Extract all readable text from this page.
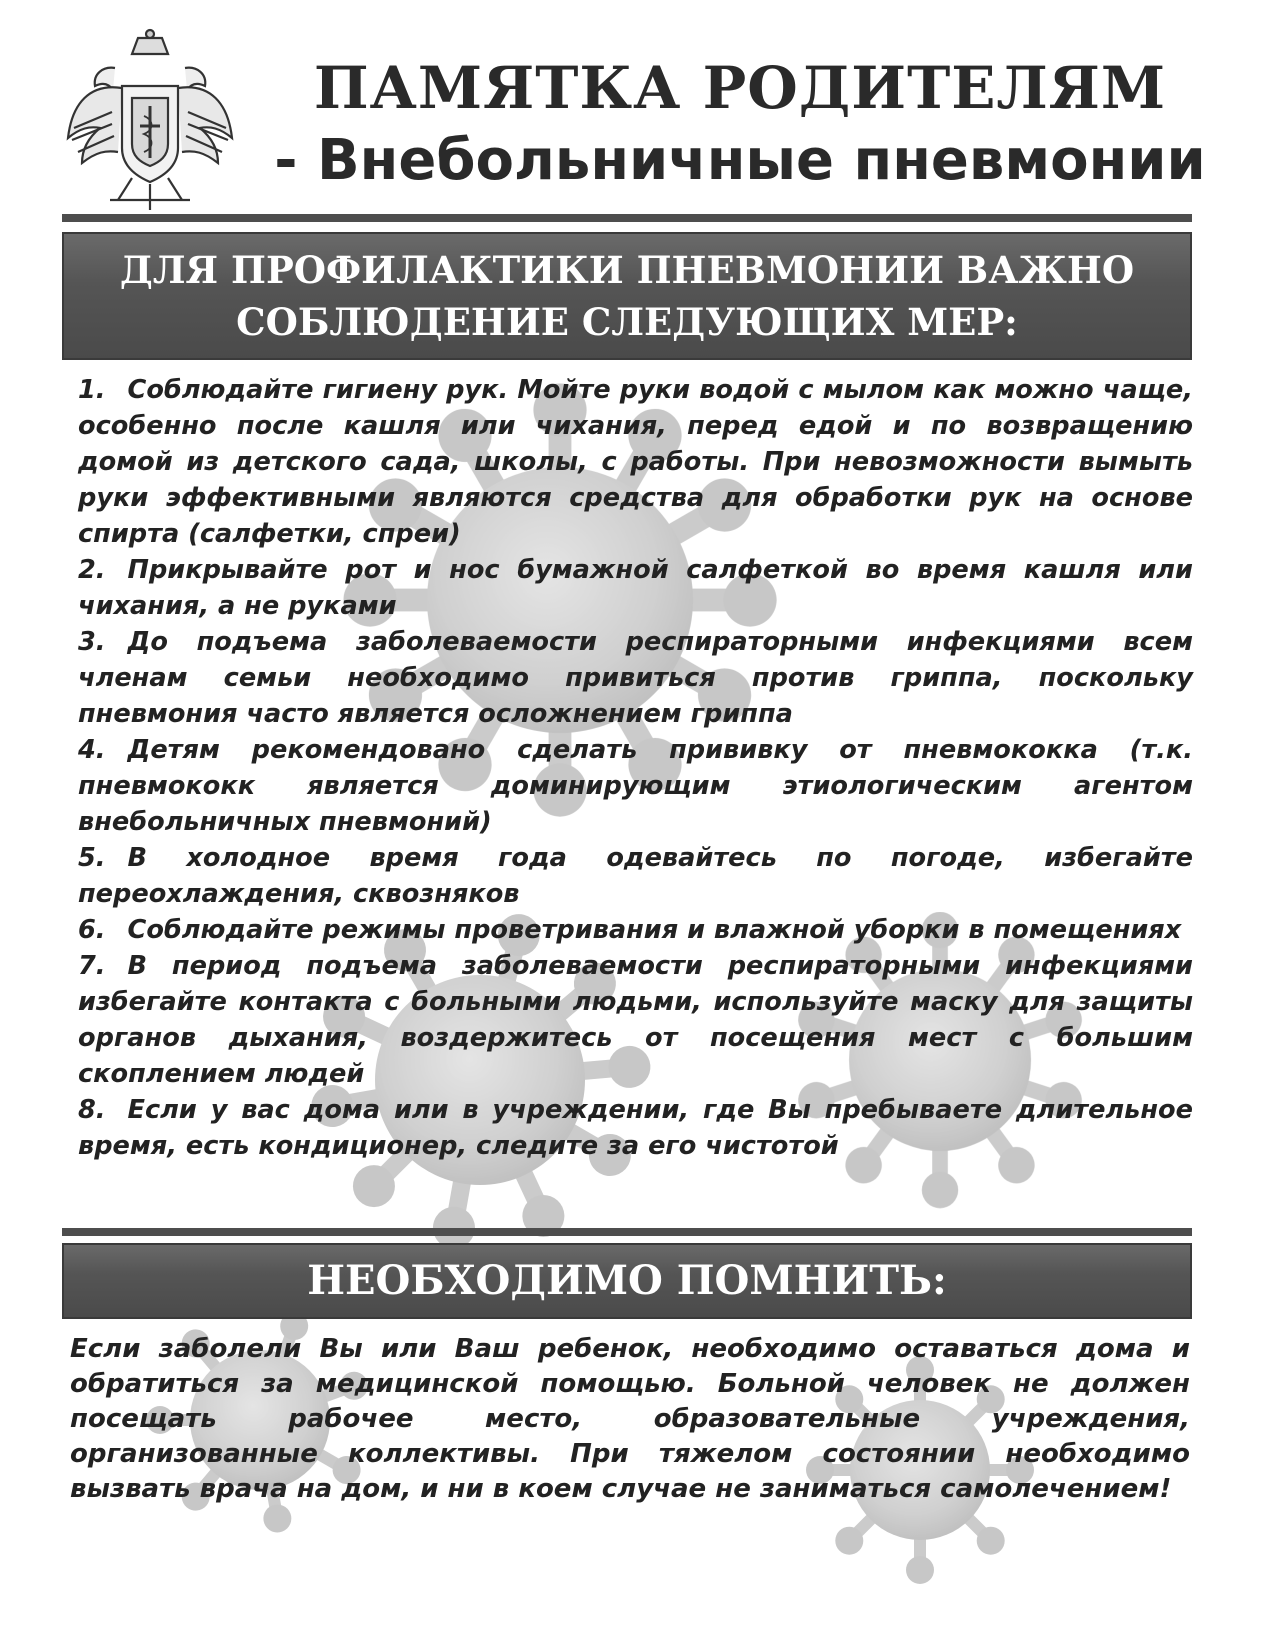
ПАМЯТКА РОДИТЕЛЯМ
- Внебольничные пневмонии
ДЛЯ ПРОФИЛАКТИКИ ПНЕВМОНИИ ВАЖНО
СОБЛЮДЕНИЕ СЛЕДУЮЩИХ МЕР:
1. Соблюдайте гигиену рук. Мойте руки водой с мылом как можно чаще, особенно после кашля или чихания, перед едой и по возвращению домой из детского сада, школы, с работы. При невозможности вымыть руки эффективными являются средства для обработки рук на основе спирта (салфетки, спреи)
2. Прикрывайте рот и нос бумажной салфеткой во время кашля или чихания, а не руками
3. До подъема заболеваемости респираторными инфекциями всем членам семьи необходимо привиться против гриппа, поскольку пневмония часто является осложнением гриппа
4. Детям рекомендовано сделать прививку от пневмококка (т.к. пневмококк является доминирующим этиологическим агентом внебольничных пневмоний)
5. В холодное время года одевайтесь по погоде, избегайте переохлаждения, сквозняков
6. Соблюдайте режимы проветривания и влажной уборки в помещениях
7. В период подъема заболеваемости респираторными инфекциями избегайте контакта с больными людьми, используйте маску для защиты органов дыхания, воздержитесь от посещения мест с большим скоплением людей
8. Если у вас дома или в учреждении, где Вы пребываете длительное время, есть кондиционер, следите за его чистотой
НЕОБХОДИМО ПОМНИТЬ:

Если заболели Вы или Ваш ребенок, необходимо оставаться дома и обратиться за медицинской помощью. Больной человек не должен посещать рабочее место, образовательные учреждения, организованные коллективы. При тяжелом состоянии необходимо вызвать врача на дом, и ни в коем случае не заниматься самолечением!
